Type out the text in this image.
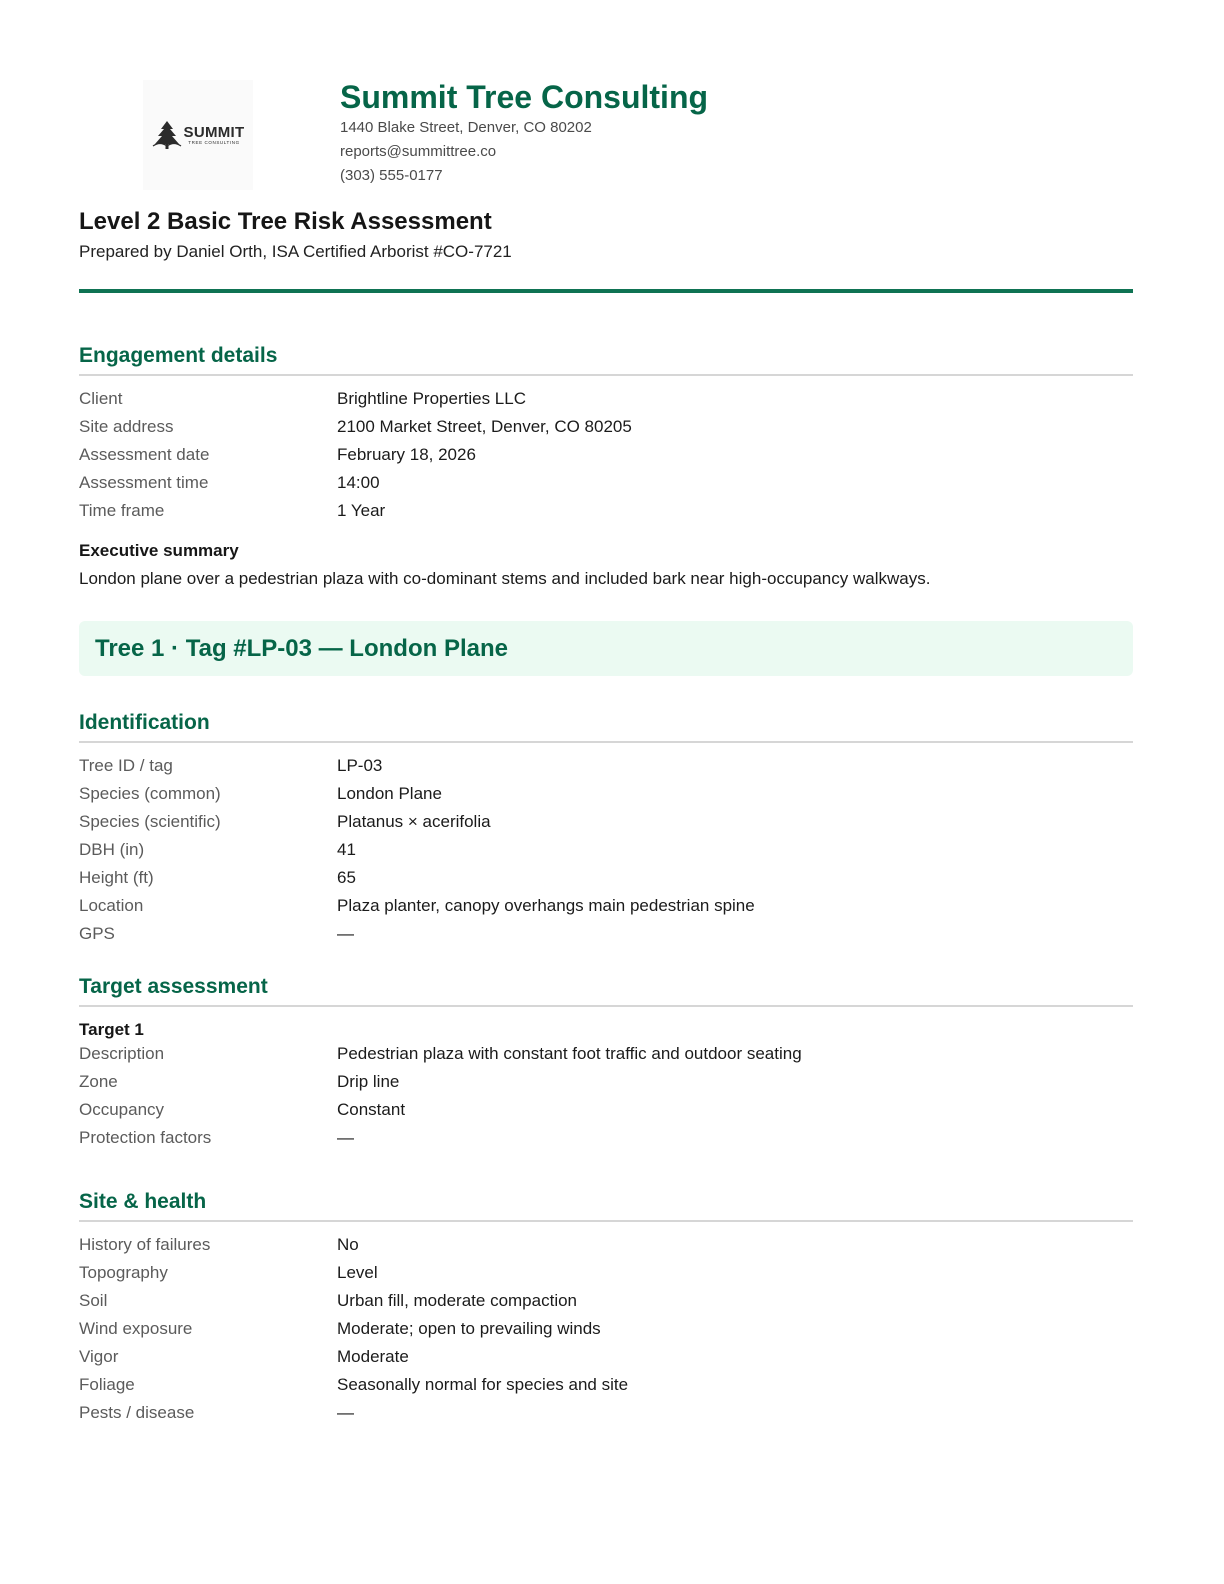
SUMMIT
TREE CONSULTING
Summit Tree Consulting
1440 Blake Street, Denver, CO 80202
reports@summittree.co
(303) 555-0177
Level 2 Basic Tree Risk Assessment
Prepared by Daniel Orth, ISA Certified Arborist #CO-7721
Engagement details
Client	Brightline Properties LLC
Site address	2100 Market Street, Denver, CO 80205
Assessment date	February 18, 2026
Assessment time	14:00
Time frame	1 Year
Executive summary
London plane over a pedestrian plaza with co-dominant stems and included bark near high-occupancy walkways.
Tree 1 · Tag #LP-03 — London Plane
Identification
Tree ID / tag	LP-03
Species (common)	London Plane
Species (scientific)	Platanus × acerifolia
DBH (in)	41
Height (ft)	65
Location	Plaza planter, canopy overhangs main pedestrian spine
GPS	—
Target assessment
Target 1
Description	Pedestrian plaza with constant foot traffic and outdoor seating
Zone	Drip line
Occupancy	Constant
Protection factors	—
Site & health
History of failures	No
Topography	Level
Soil	Urban fill, moderate compaction
Wind exposure	Moderate; open to prevailing winds
Vigor	Moderate
Foliage	Seasonally normal for species and site
Pests / disease	—
